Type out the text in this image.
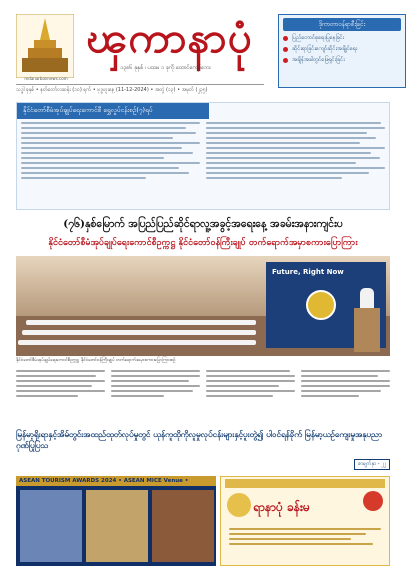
mdanarbonnews.com
ၾကာနာပုံ
၁၃၈၆ ခုနှစ် ၊ ပထမ ၁ ခုကို ထောင်ကျော်ဘေး
ဒိုကာတာဝန်ရာစီးခြင်း
ပြည်တောင်စုရေးပြုနေခြင်း
ဆိုင်းရာခြင်းကျော်ဆိုင်းအချိုင်ရေး
အချိန်အခါတွင်ဖြေရှင်းခြင်း
သဒ္ဓါ ခုနှစ် • နတ်တော်လဆန်း (၁၀) ရက် • ဗုဒ္ဓဟူးနေ့ (11-12-2024) • အတွဲ (၁၃) • အမှတ် (၂၃၅)
နိုင်ငံတော်စီမံအုပ်ချုပ်ရေးကောင်စီ ရွှေလှုပ်ငန်းစဉ်(၇)ရပ်
(၇၆)နှစ်မြောက် အပြည်ပြည်ဆိုင်ရာလူ့အခွင့်အရေးနေ့ အခမ်းအနားကျင်းပ
နိုင်ငံတော်စီမံအုပ်ချုပ်ရေးကောင်စီဥက္ကဋ္ဌ နိုင်ငံတော်ဝန်ကြီးချုပ် တက်ရောက်အမှာစကားပြောကြား
Future, Right Now
နိုင်ငံတော်စီမံအုပ်ချုပ်ရေးကောင်စီဥက္ကဋ္ဌ နိုင်ငံတော်ဝန်ကြီးချုပ် တက်ရောက်အမှာစကားပြောကြားစဉ်
မြန်မာ့ရိုးရာနှင့်အိမ်တွင်းအထည်ထုတ်လုပ်မှုတွင် ယုန်ကူထိုကိုလူမှုလုပ်ငန်းများနှင့်ပူးတွဲ၍ ပါဝင်ရန်ခိုက် မြန်မာ့ယဉ်ကျေးမှုအနုပညာ ဂုဏ်ပြုပြသ
စာမျက်နှာ - ၂၂
ASEAN TOURISM AWARDS 2024 • ASEAN MICE Venue • Award
ရာနာပုံ ခန်းမ
